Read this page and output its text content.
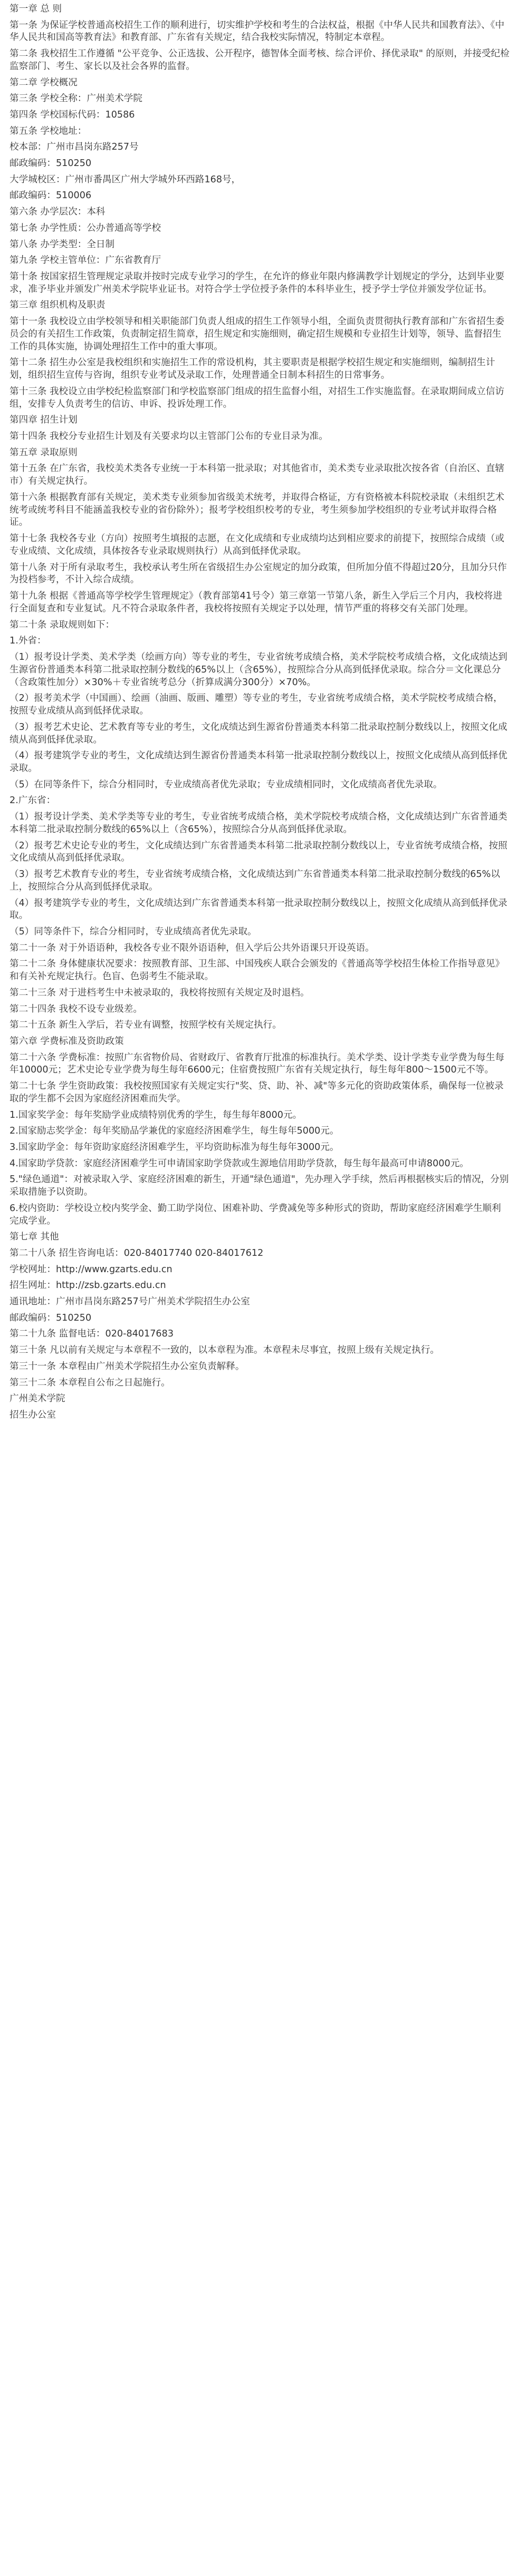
第一章 总 则

第一条 为保证学校普通高校招生工作的顺利进行，切实维护学校和考生的合法权益，根据《中华人民共和国教育法》、《中华人民共和国高等教育法》和教育部、广东省有关规定，结合我校实际情况，特制定本章程。

第二条 我校招生工作遵循 "公平竞争、公正选拔、公开程序，德智体全面考核、综合评价、择优录取" 的原则，并接受纪检监察部门、考生、家长以及社会各界的监督。

第二章 学校概况

第三条 学校全称：广州美术学院

第四条 学校国标代码：10586

第五条 学校地址：

校本部：广州市昌岗东路257号

邮政编码：510250

大学城校区：广州市番禺区广州大学城外环西路168号，

邮政编码：510006

第六条 办学层次：本科

第七条 办学性质：公办普通高等学校

第八条 办学类型：全日制

第九条 学校主管单位：广东省教育厅

第十条 按国家招生管理规定录取并按时完成专业学习的学生，在允许的修业年限内修满教学计划规定的学分，达到毕业要求，准予毕业并颁发广州美术学院毕业证书。对符合学士学位授予条件的本科毕业生，授予学士学位并颁发学位证书。

第三章 组织机构及职责

第十一条 我校设立由学校领导和相关职能部门负责人组成的招生工作领导小组，全面负责贯彻执行教育部和广东省招生委员会的有关招生工作政策，负责制定招生简章，招生规定和实施细则，确定招生规模和专业招生计划等，领导、监督招生工作的具体实施，协调处理招生工作中的重大事项。

第十二条 招生办公室是我校组织和实施招生工作的常设机构，其主要职责是根据学校招生规定和实施细则，编制招生计划，组织招生宣传与咨询，组织专业考试及录取工作，处理普通全日制本科招生的日常事务。

第十三条 我校设立由学校纪检监察部门和学校监察部门组成的招生监督小组，对招生工作实施监督。在录取期间成立信访组，安排专人负责考生的信访、申诉、投诉处理工作。

第四章 招生计划

第十四条 我校分专业招生计划及有关要求均以主管部门公布的专业目录为准。

第五章 录取原则

第十五条 在广东省，我校美术类各专业统一于本科第一批录取；对其他省市，美术类专业录取批次按各省（自治区、直辖市）有关规定执行。

第十六条 根据教育部有关规定，美术类专业须参加省级美术统考，并取得合格证，方有资格被本科院校录取（未组织艺术统考或统考科目不能涵盖我校专业的省份除外）；报考学校组织校考的专业，考生须参加学校组织的专业考试并取得合格证。

第十七条 我校各专业（方向）按照考生填报的志愿，在文化成绩和专业成绩均达到相应要求的前提下，按照综合成绩（或专业成绩、文化成绩，具体按各专业录取规则执行）从高到低择优录取。

第十八条 对于所有录取考生，我校承认考生所在省级招生办公室规定的加分政策，但所加分值不得超过20分，且加分只作为投档参考，不计入综合成绩。

第十九条 根据《普通高等学校学生管理规定》（教育部第41号令）第三章第一节第八条，新生入学后三个月内，我校将进行全面复查和专业复试。凡不符合录取条件者，我校将按照有关规定予以处理，情节严重的将移交有关部门处理。

第二十条 录取规则如下：

1.外省：

（1）报考设计学类、美术学类（绘画方向）等专业的考生，专业省统考成绩合格，美术学院校考成绩合格，文化成绩达到生源省份普通类本科第二批录取控制分数线的65%以上（含65%），按照综合分从高到低择优录取。综合分＝文化课总分（含政策性加分）×30%＋专业省统考总分（折算成满分300分）×70%。

（2）报考美术学（中国画）、绘画（油画、版画、雕塑）等专业的考生，专业省统考成绩合格，美术学院校考成绩合格，按照专业成绩从高到低择优录取。

（3）报考艺术史论、艺术教育等专业的考生，文化成绩达到生源省份普通类本科第二批录取控制分数线以上，按照文化成绩从高到低择优录取。

（4）报考建筑学专业的考生，文化成绩达到生源省份普通类本科第一批录取控制分数线以上，按照文化成绩从高到低择优录取。

（5）在同等条件下，综合分相同时，专业成绩高者优先录取；专业成绩相同时，文化成绩高者优先录取。

2.广东省：

（1）报考设计学类、美术学类等专业的考生，专业省统考成绩合格，美术学院校考成绩合格，文化成绩达到广东省普通类本科第二批录取控制分数线的65%以上（含65%），按照综合分从高到低择优录取。

（2）报考艺术史论专业的考生，文化成绩达到广东省普通类本科第二批录取控制分数线以上，专业省统考成绩合格，按照文化成绩从高到低择优录取。

（3）报考艺术教育专业的考生，专业省统考成绩合格，文化成绩达到广东省普通类本科第二批录取控制分数线的65%以上，按照综合分从高到低择优录取。

（4）报考建筑学专业的考生，文化成绩达到广东省普通类本科第一批录取控制分数线以上，按照文化成绩从高到低择优录取。

（5）同等条件下，综合分相同时，专业成绩高者优先录取。

第二十一条 对于外语语种，我校各专业不限外语语种，但入学后公共外语课只开设英语。

第二十二条 身体健康状况要求：按照教育部、卫生部、中国残疾人联合会颁发的《普通高等学校招生体检工作指导意见》和有关补充规定执行。色盲、色弱考生不能录取。

第二十三条 对于进档考生中未被录取的，我校将按照有关规定及时退档。

第二十四条 我校不设专业级差。

第二十五条 新生入学后，若专业有调整，按照学校有关规定执行。

第六章 学费标准及资助政策

第二十六条 学费标准：按照广东省物价局、省财政厅、省教育厅批准的标准执行。美术学类、设计学类专业学费为每生每年10000元；艺术史论专业学费为每生每年6600元；住宿费按照广东省有关规定执行，每生每年800～1500元不等。

第二十七条 学生资助政策：我校按照国家有关规定实行"奖、贷、助、补、减"等多元化的资助政策体系，确保每一位被录取的学生都不会因为家庭经济困难而失学。

1.国家奖学金：每年奖励学业成绩特别优秀的学生，每生每年8000元。

2.国家励志奖学金：每年奖励品学兼优的家庭经济困难学生，每生每年5000元。

3.国家助学金：每年资助家庭经济困难学生，平均资助标准为每生每年3000元。

4.国家助学贷款：家庭经济困难学生可申请国家助学贷款或生源地信用助学贷款，每生每年最高可申请8000元。

5."绿色通道"：对被录取入学、家庭经济困难的新生，开通"绿色通道"，先办理入学手续，然后再根据核实后的情况，分别采取措施予以资助。

6.校内资助：学校设立校内奖学金、勤工助学岗位、困难补助、学费减免等多种形式的资助，帮助家庭经济困难学生顺利完成学业。

第七章 其他

第二十八条 招生咨询电话：020-84017740 020-84017612

学校网址：http://www.gzarts.edu.cn

招生网址：http://zsb.gzarts.edu.cn

通讯地址：广州市昌岗东路257号广州美术学院招生办公室

邮政编码：510250

第二十九条 监督电话：020-84017683

第三十条 凡以前有关规定与本章程不一致的，以本章程为准。本章程未尽事宜，按照上级有关规定执行。

第三十一条 本章程由广州美术学院招生办公室负责解释。

第三十二条 本章程自公布之日起施行。

广州美术学院

招生办公室
